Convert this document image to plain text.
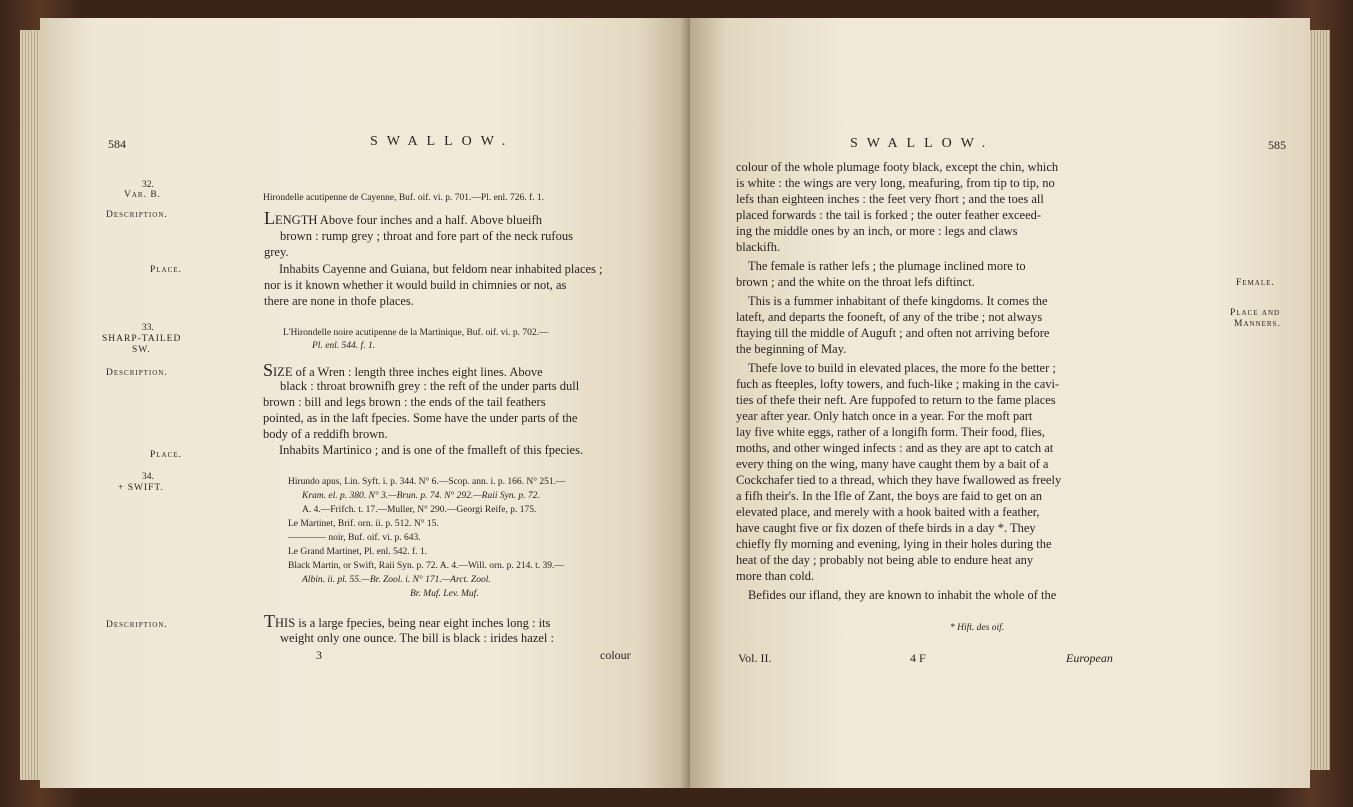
584	SWALLOW.
32.
Var. B.	Hirondelle acutipenne de Cayenne, Buf. oif. vi. p. 701.—Pl. enl. 726. f. 1.
Description.	LENGTH Above four inches and a half. Above blueifh
brown : rump grey ; throat and fore part of the neck rufous
grey.
Place.	Inhabits Cayenne and Guiana, but feldom near inhabited places ;
nor is it known whether it would build in chimnies or not, as
there are none in thofe places.
33.
SHARP-TAILED
SW.
L'Hirondelle noire acutipenne de la Martinique, Buf. oif. vi. p. 702.—
Pl. enl. 544. f. 1.
Description.	SIZE of a Wren : length three inches eight lines. Above
black : throat brownifh grey : the reft of the under parts dull
brown : bill and legs brown : the ends of the tail feathers
pointed, as in the laft fpecies. Some have the under parts of the
body of a reddifh brown.
Place.	Inhabits Martinico ; and is one of the fmalleft of this fpecies.
34.
+ SWIFT.
Hirundo apus, Lin. Syft. i. p. 344. N° 6.—Scop. ann. i. p. 166. N° 251.—
Kram. el. p. 380. N° 3.—Brun. p. 74. N° 292.—Raii Syn. p. 72.
A. 4.—Frifch. t. 17.—Muller, N° 290.—Georgi Reife, p. 175.
Le Martinet, Brif. orn. ii. p. 512. N° 15.
———— noir, Buf. oif. vi. p. 643.
Le Grand Martinet, Pl. enl. 542. f. 1.
Black Martin, or Swift, Raii Syn. p. 72. A. 4.—Will. orn. p. 214. t. 39.—
Albin. ii. pl. 55.—Br. Zool. i. N° 171.—Arct. Zool.
Br. Muf. Lev. Muf.
Description.	THIS is a large fpecies, being near eight inches long : its
weight only one ounce. The bill is black : irides hazel :
3	colour
SWALLOW.	585
colour of the whole plumage footy black, except the chin, which
is white : the wings are very long, meafuring, from tip to tip, no
lefs than eighteen inches : the feet very fhort ; and the toes all
placed forwards : the tail is forked ; the outer feather exceed-
ing the middle ones by an inch, or more : legs and claws
blackifh.
The female is rather lefs ; the plumage inclined more to
brown ; and the white on the throat lefs diftinct.
This is a fummer inhabitant of thefe kingdoms. It comes the
lateft, and departs the fooneft, of any of the tribe ; not always
ftaying till the middle of Auguft ; and often not arriving before
the beginning of May.
Thefe love to build in elevated places, the more fo the better ;
fuch as fteeples, lofty towers, and fuch-like ; making in the cavi-
ties of thefe their neft. Are fuppofed to return to the fame places
year after year. Only hatch once in a year. For the moft part
lay five white eggs, rather of a longifh form. Their food, flies,
moths, and other winged infects : and as they are apt to catch at
every thing on the wing, many have caught them by a bait of a
Cockchafer tied to a thread, which they have fwallowed as freely
a fifh their's. In the Ifle of Zant, the boys are faid to get on an
elevated place, and merely with a hook baited with a feather,
have caught five or fix dozen of thefe birds in a day *. They
chiefly fly morning and evening, lying in their holes during the
heat of the day ; probably not being able to endure heat any
more than cold.
Befides our ifland, they are known to inhabit the whole of the
Female.
Place and
Manners.
* Hift. des oif.
Vol. II.	4 F	European
